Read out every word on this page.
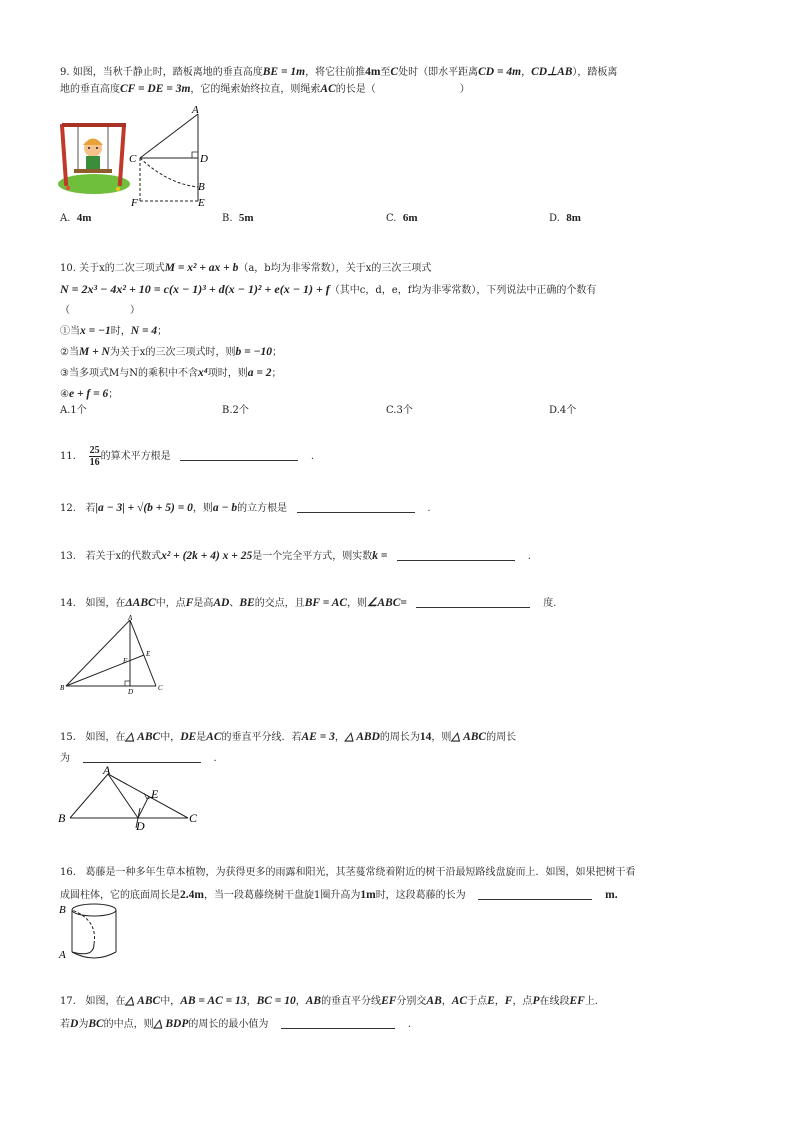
9. 如图，当秋千静止时，踏板离地的垂直高度BE = 1m，将它往前推4m至C处时（即水平距离CD = 4m，CD⊥AB），踏板离
地的垂直高度CF = DE = 3m，它的绳索始终拉直，则绳索AC的长是（	）
A
C	D
B
F	E
A. 4m	B. 5m	C. 6m	D. 8m
10. 关于x的二次三项式M = x² + ax + b（a，b均为非零常数），关于x的三次三项式
N = 2x³ − 4x² + 10 = c(x − 1)³ + d(x − 1)² + e(x − 1) + f（其中c，d，e，f均为非零常数），下列说法中正确的个数有
（　　　　　　）
①当x = −1时，N = 4；
②当M + N为关于x的三次三项式时，则b = −10；
③当多项式M与N的乘积中不含x⁴项时，则a = 2；
④e + f = 6；
A.1个	B.2个	C.3个	D.4个
11. $\frac{25}{16}$ 的算术平方根是	.
12. 若|a − 3| + √(b + 5) = 0，则a − b的立方根是	.
13. 若关于x的代数式x² + (2k + 4) x + 25是一个完全平方式，则实数k =	.
14. 如图，在ΔABC中，点F是高AD、BE的交点，且BF = AC，则∠ABC=	度.
A
B	C
D
E
F
15. 如图，在△ ABC中，DE是AC的垂直平分线．若AE = 3，△ ABD的周长为14，则△ ABC的周长
为	.
A
B	C
D
E
16. 葛藤是一种多年生草本植物，为获得更多的雨露和阳光，其茎蔓常绕着附近的树干沿最短路线盘旋而上．如图，如果把树干看
成圆柱体，它的底面周长是2.4m，当一段葛藤绕树干盘旋1圈升高为1m时，这段葛藤的长为	m.
B
A
17. 如图，在△ ABC中，AB = AC = 13，BC = 10，AB的垂直平分线EF分别交AB，AC于点E，F，点P在线段EF上.
若D为BC的中点，则△ BDP的周长的最小值为	.
